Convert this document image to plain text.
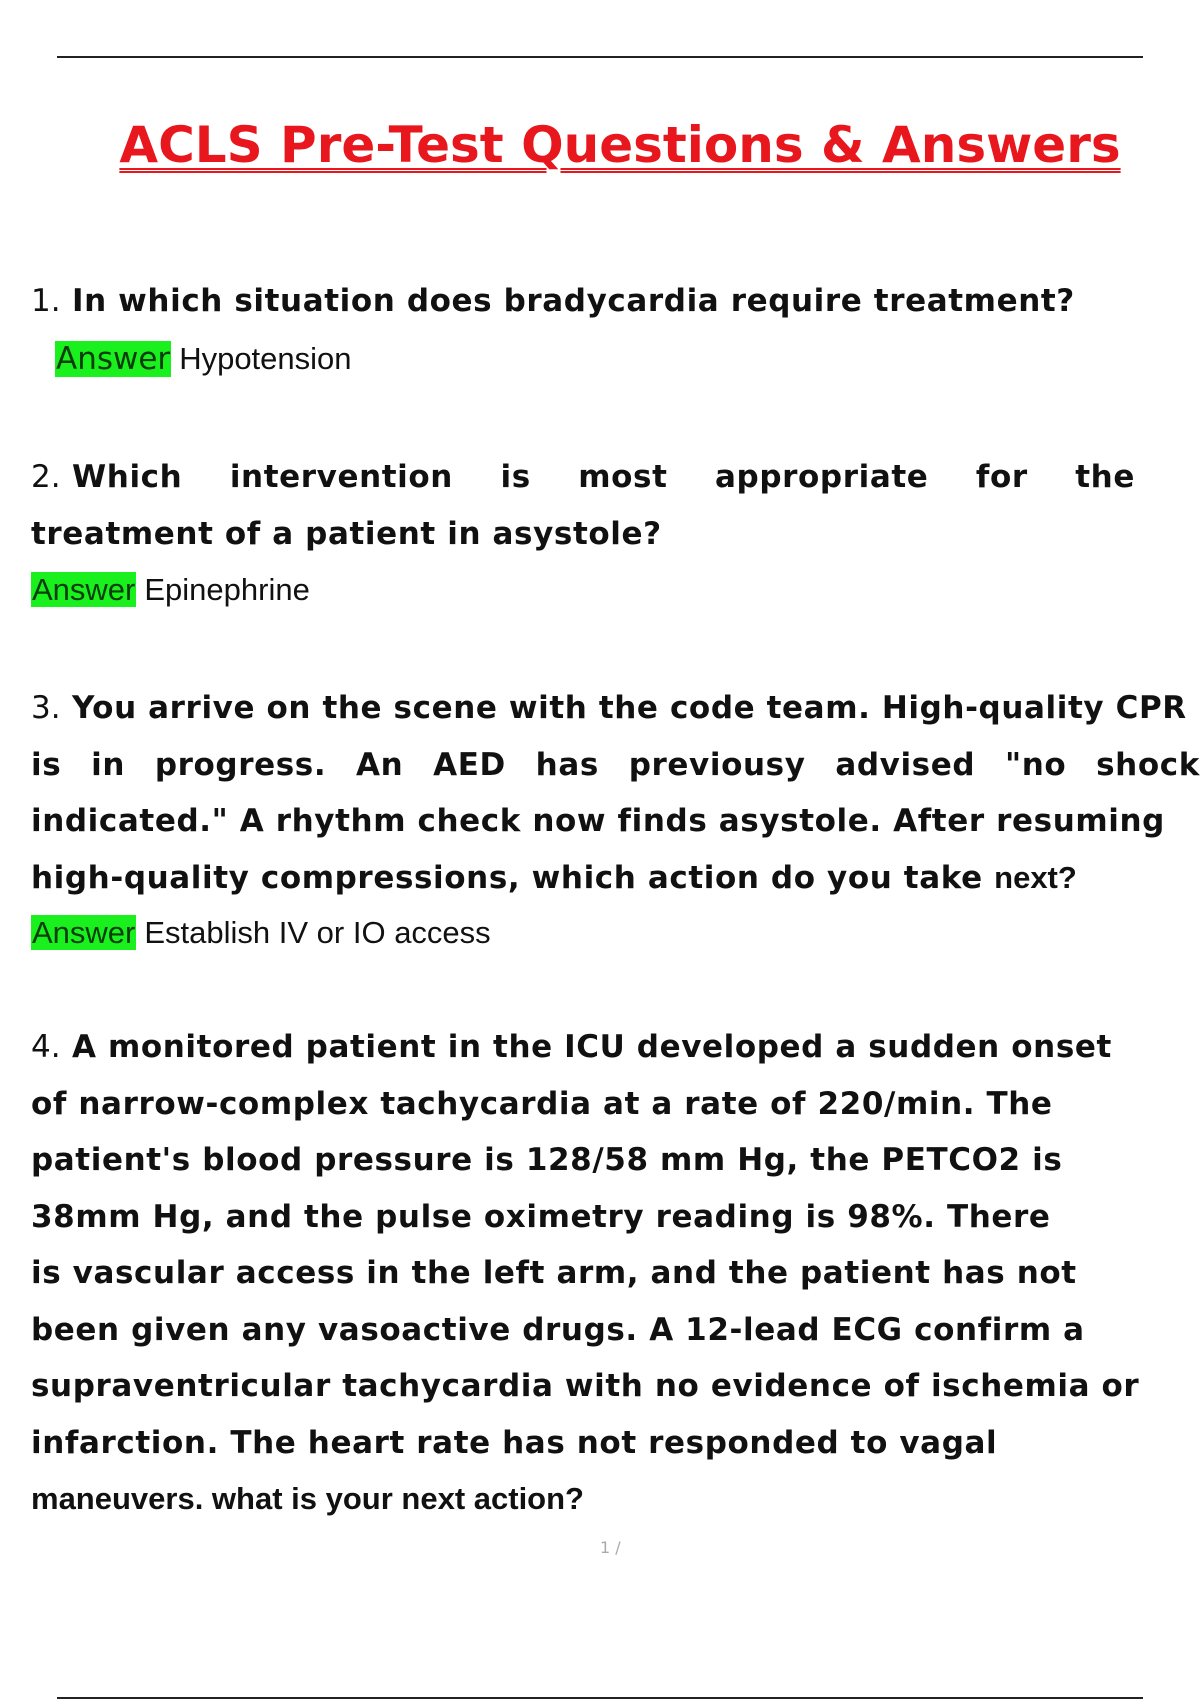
ACLS Pre-Test Questions & Answers
1. In which situation does bradycardia require treatment?
Answer Hypotension
2. Which intervention is most appropriate for the
treatment of a patient in asystole?
Answer Epinephrine
3. You arrive on the scene with the code team. High-quality CPR
is in progress. An AED has previousy advised "no shock
indicated." A rhythm check now finds asystole. After resuming
high-quality compressions, which action do you take next?
Answer Establish IV or IO access
4. A monitored patient in the ICU developed a sudden onset
of narrow-complex tachycardia at a rate of 220/min. The
patient's blood pressure is 128/58 mm Hg, the PETCO2 is
38mm Hg, and the pulse oximetry reading is 98%. There
is vascular access in the left arm, and the patient has not
been given any vasoactive drugs. A 12-lead ECG confirm a
supraventricular tachycardia with no evidence of ischemia or
infarction. The heart rate has not responded to vagal
maneuvers. what is your next action?
1 /
